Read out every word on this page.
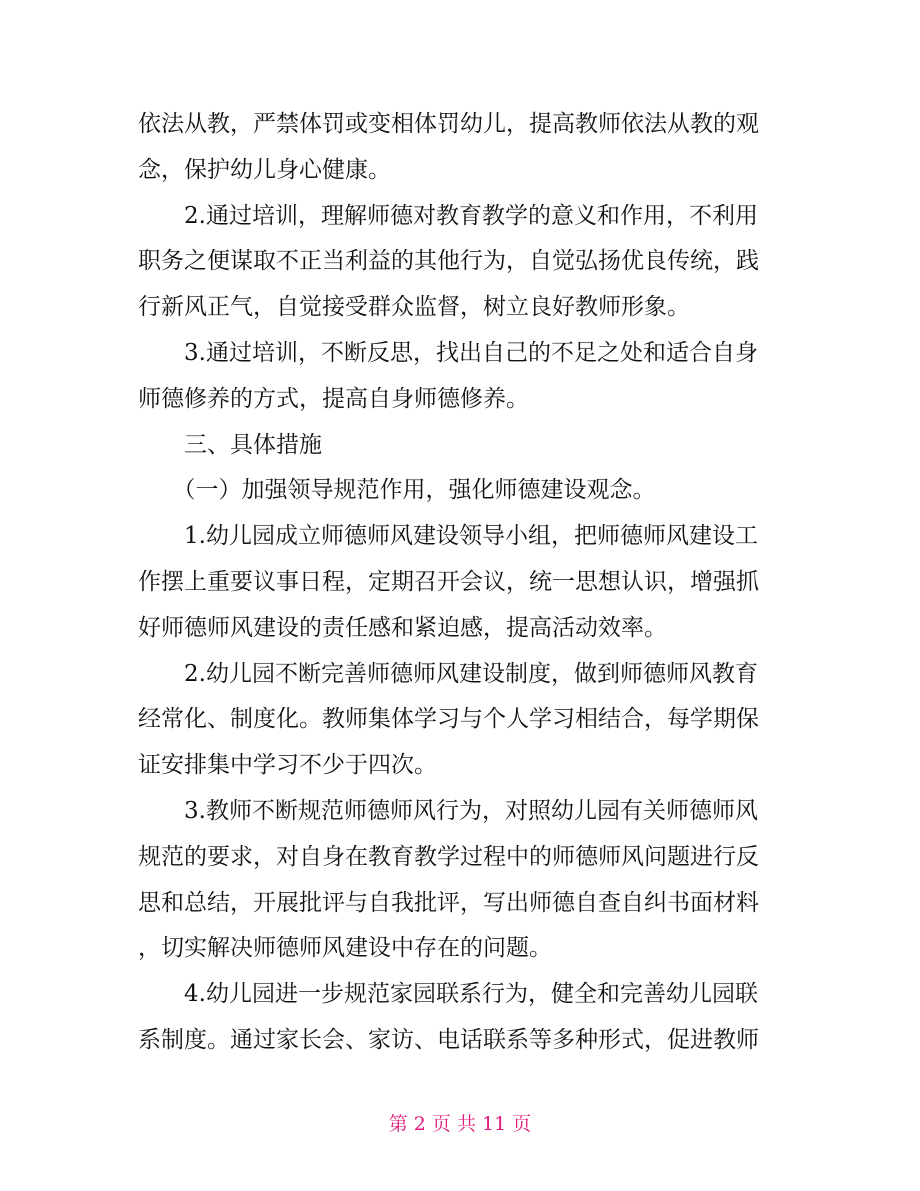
依法从教，严禁体罚或变相体罚幼儿，提高教师依法从教的观
念，保护幼儿身心健康。
　　2.通过培训，理解师德对教育教学的意义和作用，不利用
职务之便谋取不正当利益的其他行为，自觉弘扬优良传统，践
行新风正气，自觉接受群众监督，树立良好教师形象。
　　3.通过培训，不断反思，找出自己的不足之处和适合自身
师德修养的方式，提高自身师德修养。
　　三、具体措施
　　（一）加强领导规范作用，强化师德建设观念。
　　1.幼儿园成立师德师风建设领导小组，把师德师风建设工
作摆上重要议事日程，定期召开会议，统一思想认识，增强抓
好师德师风建设的责任感和紧迫感，提高活动效率。
　　2.幼儿园不断完善师德师风建设制度，做到师德师风教育
经常化、制度化。教师集体学习与个人学习相结合，每学期保
证安排集中学习不少于四次。
　　3.教师不断规范师德师风行为，对照幼儿园有关师德师风
规范的要求，对自身在教育教学过程中的师德师风问题进行反
思和总结，开展批评与自我批评，写出师德自查自纠书面材料
，切实解决师德师风建设中存在的问题。
　　4.幼儿园进一步规范家园联系行为，健全和完善幼儿园联
系制度。通过家长会、家访、电话联系等多种形式，促进教师
第 2 页 共 11 页
